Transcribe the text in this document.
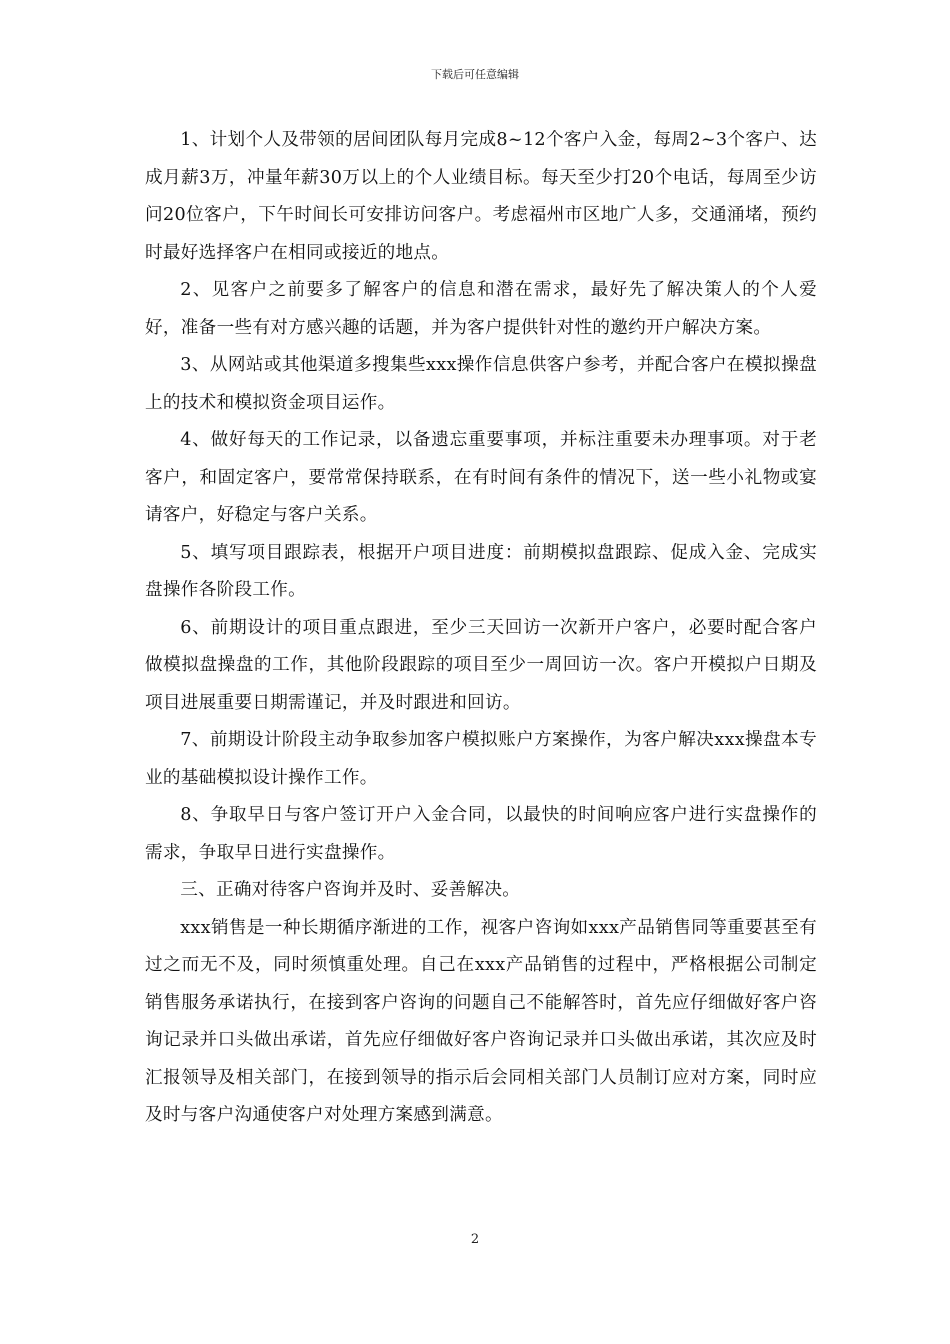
下载后可任意编辑

1、计划个人及带领的居间团队每月完成8~12个客户入金，每周2~3个客户、达成月薪3万，冲量年薪30万以上的个人业绩目标。每天至少打20个电话，每周至少访问20位客户，下午时间长可安排访问客户。考虑福州市区地广人多，交通涌堵，预约时最好选择客户在相同或接近的地点。

2、见客户之前要多了解客户的信息和潜在需求，最好先了解决策人的个人爱好，准备一些有对方感兴趣的话题，并为客户提供针对性的邀约开户解决方案。

3、从网站或其他渠道多搜集些xxx操作信息供客户参考，并配合客户在模拟操盘上的技术和模拟资金项目运作。

4、做好每天的工作记录，以备遗忘重要事项，并标注重要未办理事项。对于老客户，和固定客户，要常常保持联系，在有时间有条件的情况下，送一些小礼物或宴请客户，好稳定与客户关系。

5、填写项目跟踪表，根据开户项目进度：前期模拟盘跟踪、促成入金、完成实盘操作各阶段工作。

6、前期设计的项目重点跟进，至少三天回访一次新开户客户，必要时配合客户做模拟盘操盘的工作，其他阶段跟踪的项目至少一周回访一次。客户开模拟户日期及项目进展重要日期需谨记，并及时跟进和回访。

7、前期设计阶段主动争取参加客户模拟账户方案操作，为客户解决xxx操盘本专业的基础模拟设计操作工作。

8、争取早日与客户签订开户入金合同，以最快的时间响应客户进行实盘操作的需求，争取早日进行实盘操作。

三、正确对待客户咨询并及时、妥善解决。

xxx销售是一种长期循序渐进的工作，视客户咨询如xxx产品销售同等重要甚至有过之而无不及，同时须慎重处理。自己在xxx产品销售的过程中，严格根据公司制定销售服务承诺执行，在接到客户咨询的问题自己不能解答时，首先应仔细做好客户咨询记录并口头做出承诺，首先应仔细做好客户咨询记录并口头做出承诺，其次应及时汇报领导及相关部门，在接到领导的指示后会同相关部门人员制订应对方案，同时应及时与客户沟通使客户对处理方案感到满意。

2
